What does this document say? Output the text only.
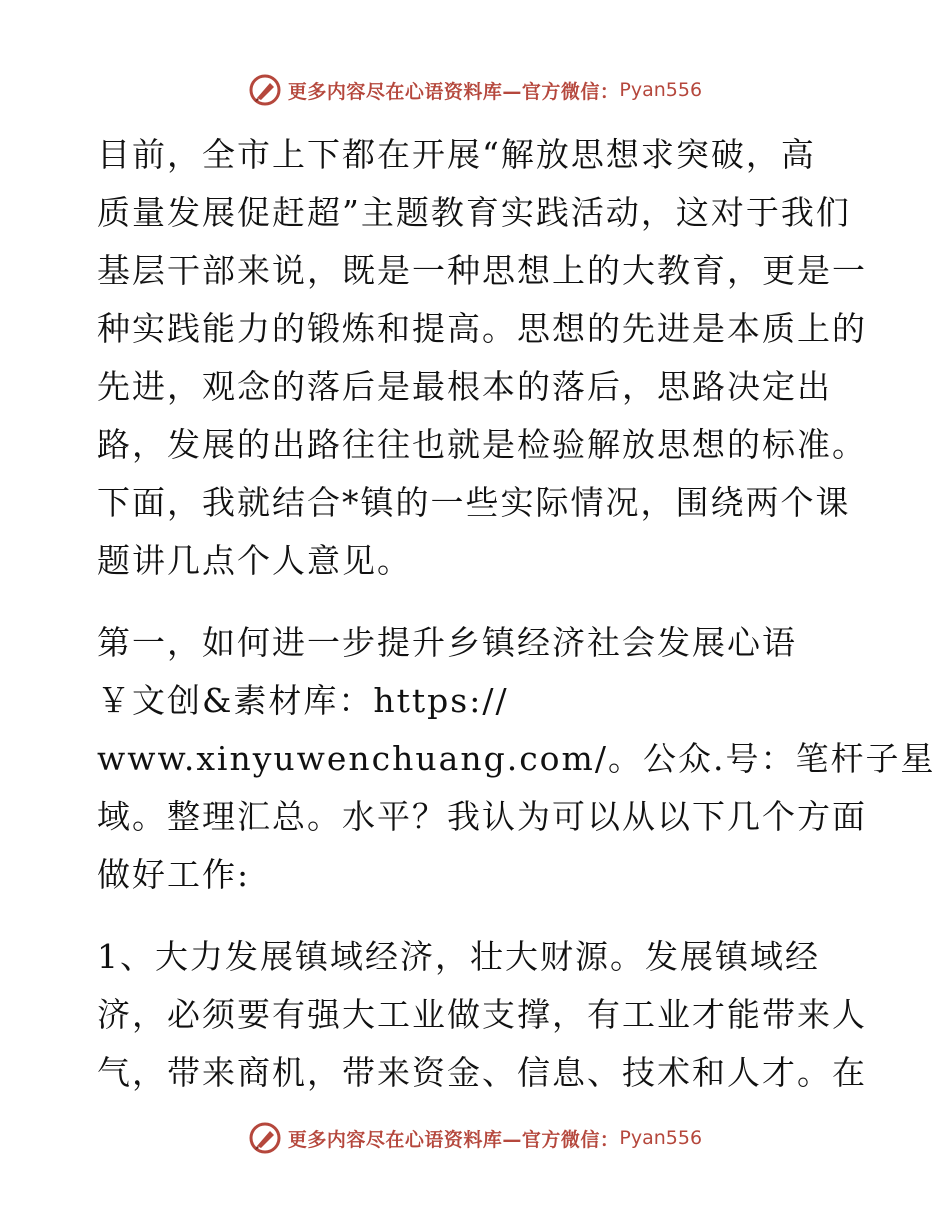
更多内容尽在心语资料库—官方微信： Pyan556
目前，全市上下都在开展“解放思想求突破，高
质量发展促赶超”主题教育实践活动，这对于我们
基层干部来说，既是一种思想上的大教育，更是一
种实践能力的锻炼和提高。思想的先进是本质上的
先进，观念的落后是最根本的落后，思路决定出
路，发展的出路往往也就是检验解放思想的标准。
下面，我就结合*镇的一些实际情况，围绕两个课
题讲几点个人意见。
第一，如何进一步提升乡镇经济社会发展心语
￥文创&素材库：https://
www.xinyuwenchuang.com/。公众.号：笔杆子星
域。整理汇总。水平？我认为可以从以下几个方面
做好工作:
1、大力发展镇域经济，壮大财源。发展镇域经
济，必须要有强大工业做支撑，有工业才能带来人
气，带来商机，带来资金、信息、技术和人才。在
更多内容尽在心语资料库—官方微信： Pyan556
